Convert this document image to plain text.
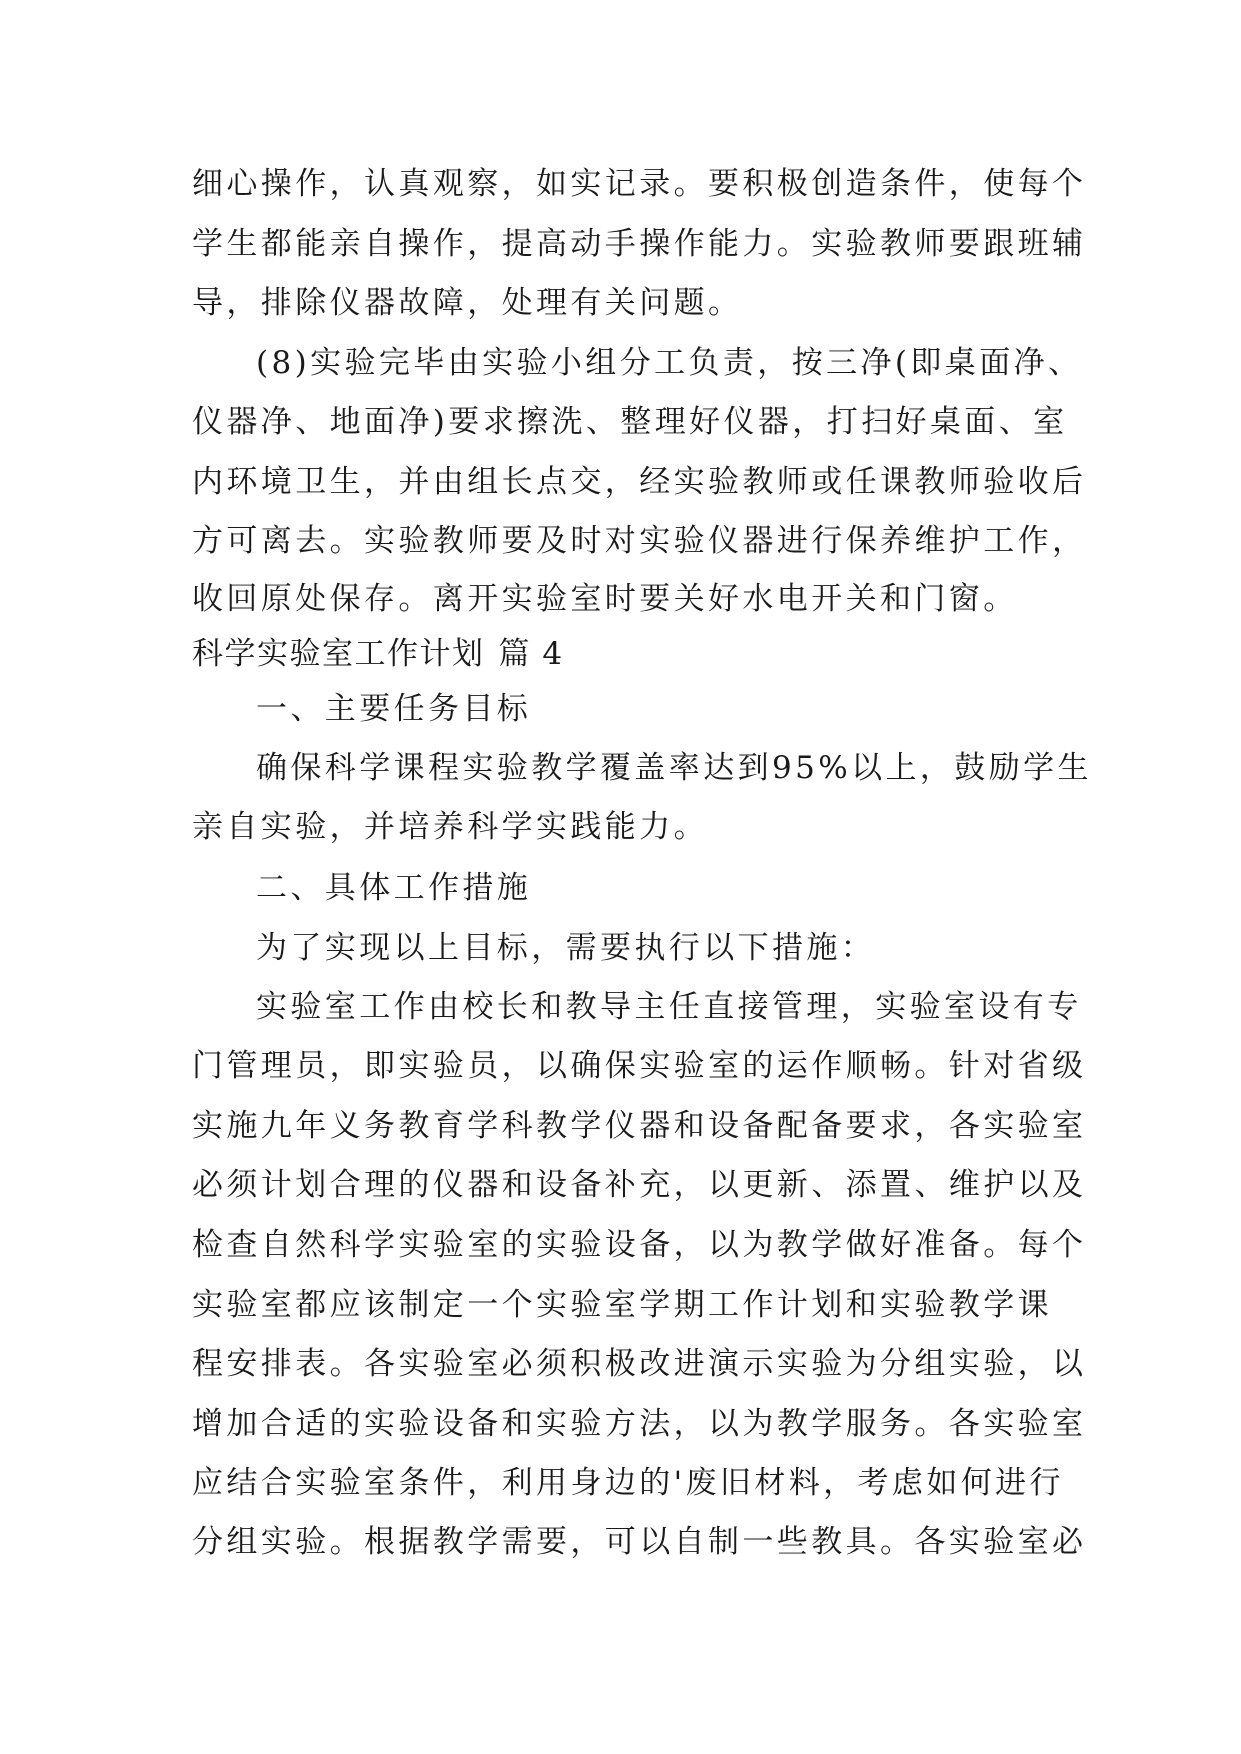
细心操作，认真观察，如实记录。要积极创造条件，使每个
学生都能亲自操作，提高动手操作能力。实验教师要跟班辅
导，排除仪器故障，处理有关问题。
(8)实验完毕由实验小组分工负责，按三净(即桌面净、
仪器净、地面净)要求擦洗、整理好仪器，打扫好桌面、室
内环境卫生，并由组长点交，经实验教师或任课教师验收后
方可离去。实验教师要及时对实验仪器进行保养维护工作，
收回原处保存。离开实验室时要关好水电开关和门窗。
科学实验室工作计划 篇 4
一、主要任务目标
确保科学课程实验教学覆盖率达到95%以上，鼓励学生
亲自实验，并培养科学实践能力。
二、具体工作措施
为了实现以上目标，需要执行以下措施：
实验室工作由校长和教导主任直接管理，实验室设有专
门管理员，即实验员，以确保实验室的运作顺畅。针对省级
实施九年义务教育学科教学仪器和设备配备要求，各实验室
必须计划合理的仪器和设备补充，以更新、添置、维护以及
检查自然科学实验室的实验设备，以为教学做好准备。每个
实验室都应该制定一个实验室学期工作计划和实验教学课
程安排表。各实验室必须积极改进演示实验为分组实验，以
增加合适的实验设备和实验方法，以为教学服务。各实验室
应结合实验室条件，利用身边的'废旧材料，考虑如何进行
分组实验。根据教学需要，可以自制一些教具。各实验室必
